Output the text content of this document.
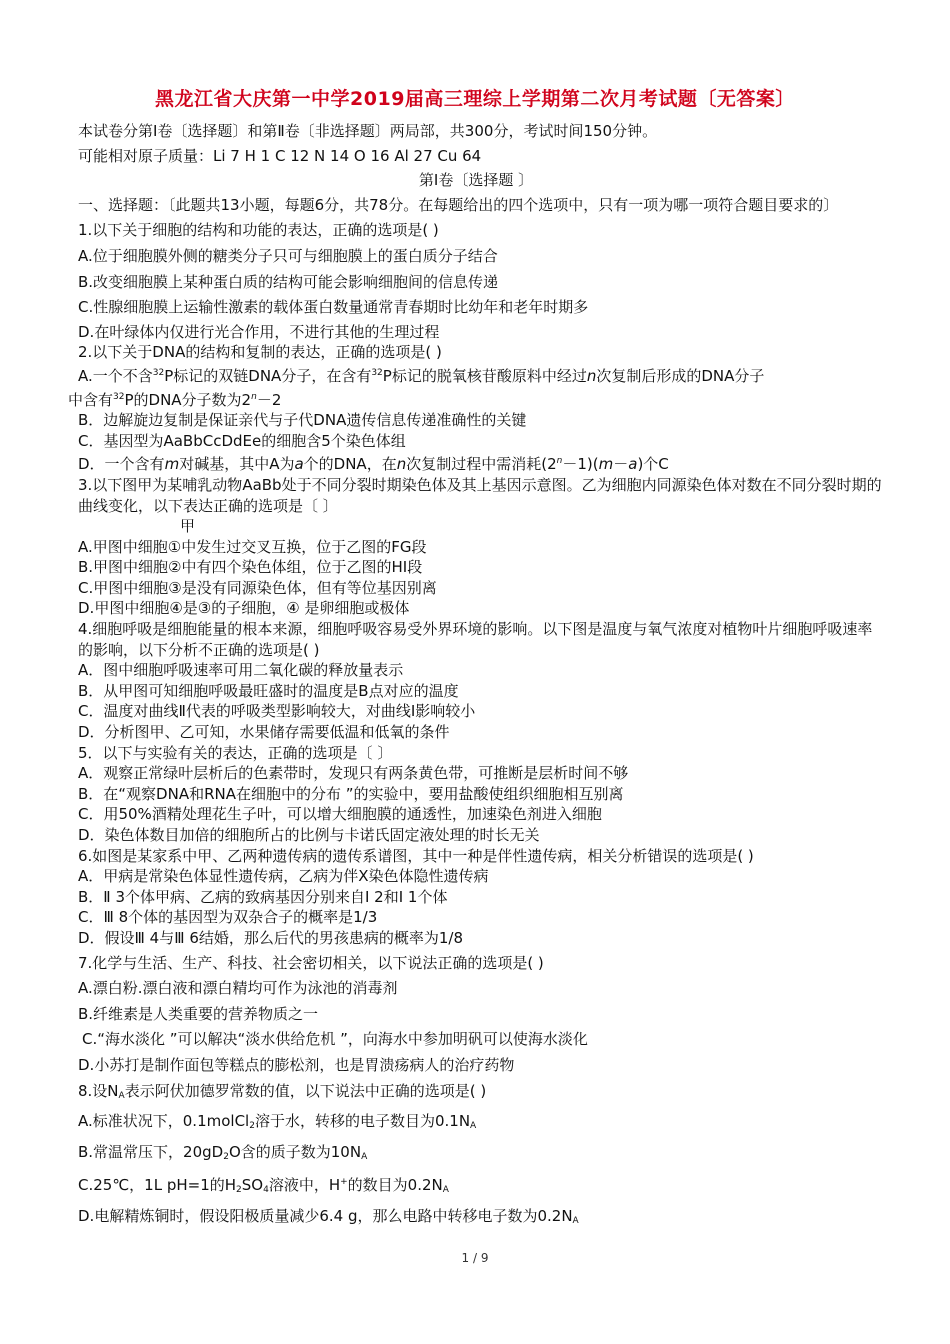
黑龙江省大庆第一中学2019届高三理综上学期第二次月考试题〔无答案〕
本试卷分第Ⅰ卷〔选择题〕和第Ⅱ卷〔非选择题〕两局部，共300分，考试时间150分钟。
可能相对原子质量：Li 7 H 1 C 12 N 14 O 16 Al 27 Cu 64
第Ⅰ卷〔选择题 〕
一、选择题：〔此题共13小题，每题6分，共78分。在每题给出的四个选项中，只有一项为哪一项符合题目要求的〕
1.以下关于细胞的结构和功能的表达，正确的选项是( )
A.位于细胞膜外侧的糖类分子只可与细胞膜上的蛋白质分子结合
B.改变细胞膜上某种蛋白质的结构可能会影响细胞间的信息传递
C.性腺细胞膜上运输性激素的载体蛋白数量通常青春期时比幼年和老年时期多
D.在叶绿体内仅进行光合作用，不进行其他的生理过程
2.以下关于DNA的结构和复制的表达，正确的选项是( )
A.一个不含$^{32}$P标记的双链DNA分子，在含有$^{32}$P标记的脱氧核苷酸原料中经过n次复制后形成的DNA分子
中含有$^{32}$P的DNA分子数为$2^n-2$
B．边解旋边复制是保证亲代与子代DNA遗传信息传递准确性的关键
C．基因型为AaBbCcDdEe的细胞含5个染色体组
D．一个含有m对碱基，其中A为a个的DNA，在n次复制过程中需消耗$(2^n-1)(m-a)$个C
3.以下图甲为某哺乳动物AaBb处于不同分裂时期染色体及其上基因示意图。乙为细胞内同源染色体对数在不同分裂时期的曲线变化，以下表达正确的选项是〔 〕
甲
A.甲图中细胞①中发生过交叉互换，位于乙图的FG段
B.甲图中细胞②中有四个染色体组，位于乙图的HI段
C.甲图中细胞③是没有同源染色体，但有等位基因别离
D.甲图中细胞④是③的子细胞，④ 是卵细胞或极体
4.细胞呼吸是细胞能量的根本来源，细胞呼吸容易受外界环境的影响。以下图是温度与氧气浓度对植物叶片细胞呼吸速率的影响，以下分析不正确的选项是( )
A．图中细胞呼吸速率可用二氧化碳的释放量表示
B．从甲图可知细胞呼吸最旺盛时的温度是B点对应的温度
C．温度对曲线Ⅱ代表的呼吸类型影响较大，对曲线Ⅰ影响较小
D．分析图甲、乙可知，水果储存需要低温和低氧的条件
5．以下与实验有关的表达，正确的选项是〔 〕
A．观察正常绿叶层析后的色素带时，发现只有两条黄色带，可推断是层析时间不够
B．在“观察DNA和RNA在细胞中的分布 ”的实验中，要用盐酸使组织细胞相互别离
C．用50%酒精处理花生子叶，可以增大细胞膜的通透性，加速染色剂进入细胞
D．染色体数目加倍的细胞所占的比例与卡诺氏固定液处理的时长无关
6.如图是某家系中甲、乙两种遗传病的遗传系谱图，其中一种是伴性遗传病，相关分析错误的选项是( )
A．甲病是常染色体显性遗传病，乙病为伴X染色体隐性遗传病
B．Ⅱ 3个体甲病、乙病的致病基因分别来自Ⅰ 2和Ⅰ 1个体
C．Ⅲ 8个体的基因型为双杂合子的概率是1/3
D．假设Ⅲ 4与Ⅲ 6结婚，那么后代的男孩患病的概率为1/8
7.化学与生活、生产、科技、社会密切相关，以下说法正确的选项是( )
A.漂白粉.漂白液和漂白精均可作为泳池的消毒剂
B.纤维素是人类重要的营养物质之一
C.“海水淡化 ”可以解决“淡水供给危机 ”，向海水中参加明矾可以使海水淡化
D.小苏打是制作面包等糕点的膨松剂，也是胃溃疡病人的治疗药物
8.设$N_A$表示阿伏加德罗常数的值，以下说法中正确的选项是( )
A.标准状况下，0.1molCl$_2$溶于水，转移的电子数目为$0.1N_A$
B.常温常压下，$20gD_2O$含的质子数为$10N_A$
C.25℃，1L pH=1的$H_2SO_4$溶液中，H+的数目为$0.2N_A$
D.电解精炼铜时，假设阳极质量减少6.4 g，那么电路中转移电子数为$0.2N_A$
1 / 9
